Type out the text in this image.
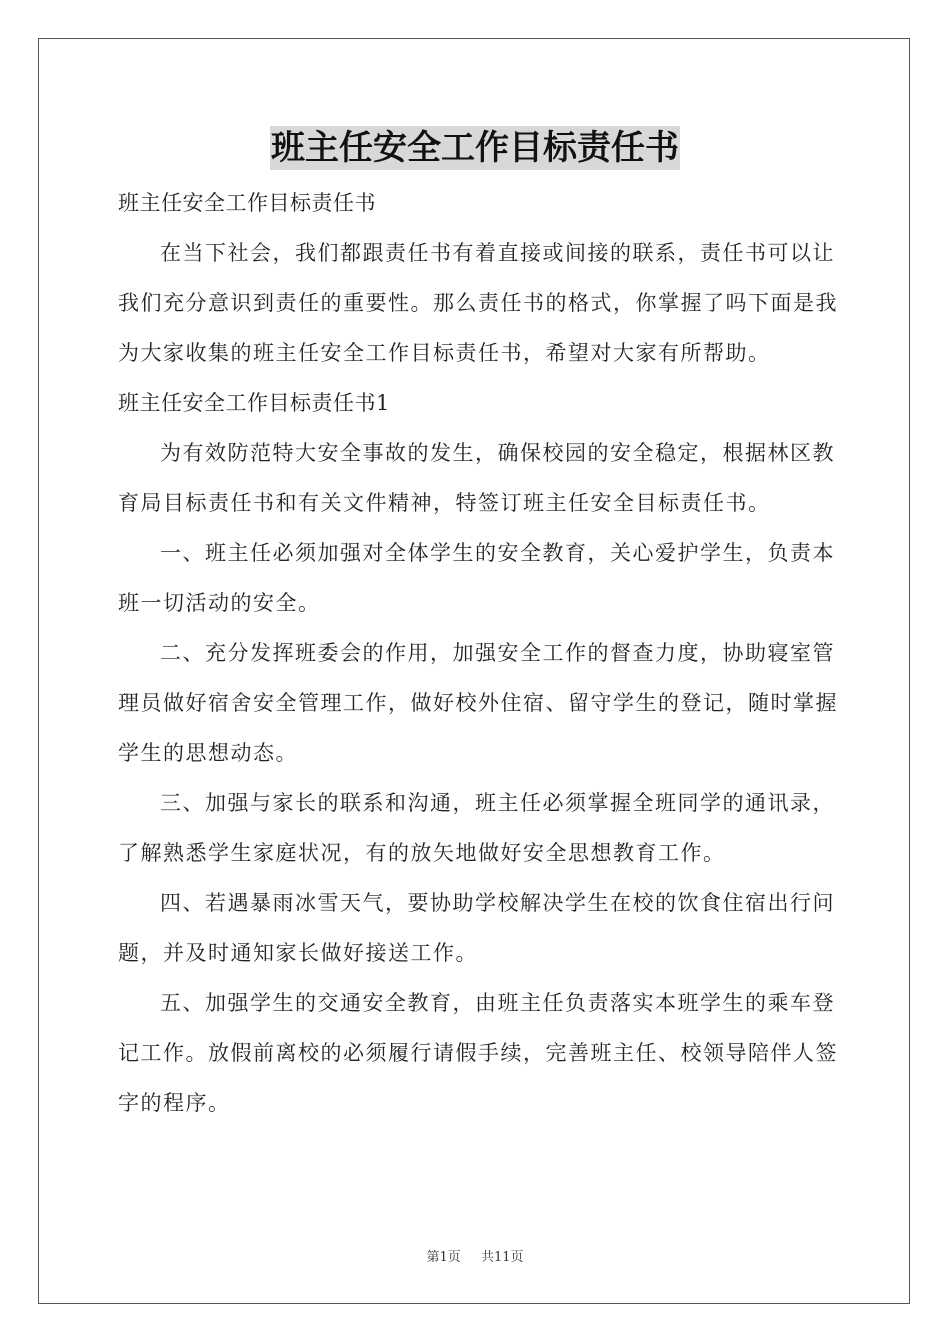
班主任安全工作目标责任书

班主任安全工作目标责任书

在当下社会，我们都跟责任书有着直接或间接的联系，责任书可以让我们充分意识到责任的重要性。那么责任书的格式，你掌握了吗下面是我为大家收集的班主任安全工作目标责任书，希望对大家有所帮助。

班主任安全工作目标责任书1

为有效防范特大安全事故的发生，确保校园的安全稳定，根据林区教育局目标责任书和有关文件精神，特签订班主任安全目标责任书。

一、班主任必须加强对全体学生的安全教育，关心爱护学生，负责本班一切活动的安全。

二、充分发挥班委会的作用，加强安全工作的督查力度，协助寝室管理员做好宿舍安全管理工作，做好校外住宿、留守学生的登记，随时掌握学生的思想动态。

三、加强与家长的联系和沟通，班主任必须掌握全班同学的通讯录，了解熟悉学生家庭状况，有的放矢地做好安全思想教育工作。

四、若遇暴雨冰雪天气，要协助学校解决学生在校的饮食住宿出行问题，并及时通知家长做好接送工作。

五、加强学生的交通安全教育，由班主任负责落实本班学生的乘车登记工作。放假前离校的必须履行请假手续，完善班主任、校领导陪伴人签字的程序。

第1页 共11页
